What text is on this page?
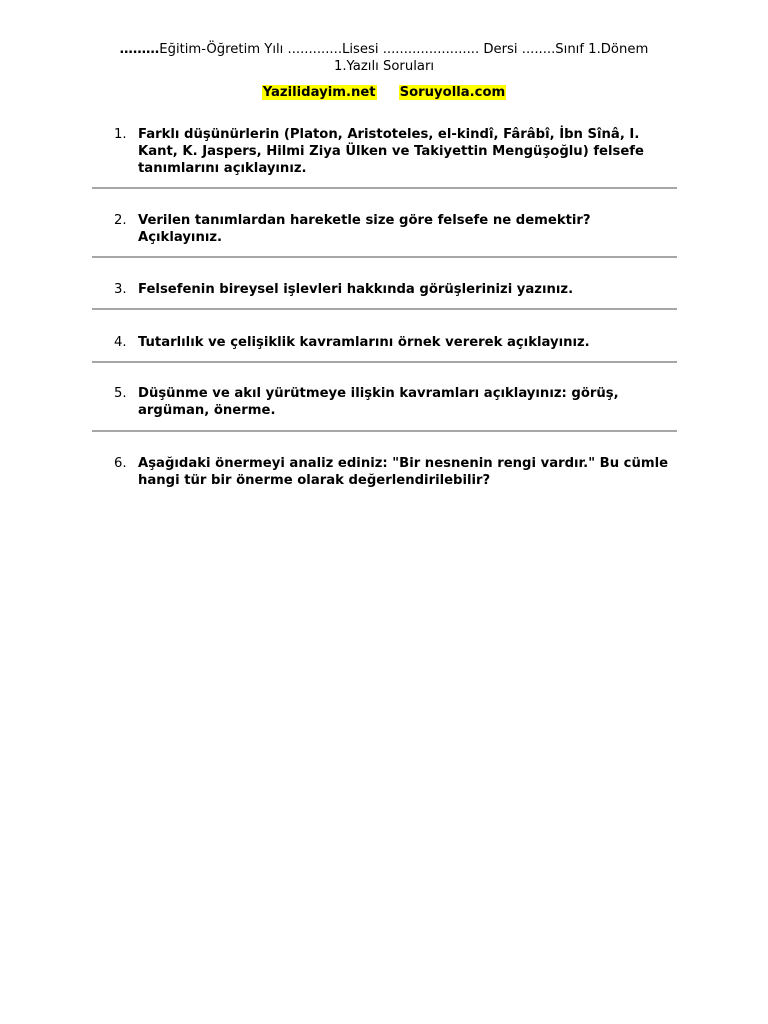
………Eğitim-Öğretim Yılı .............Lisesi ....................... Dersi ........Sınıf 1.Dönem
1.Yazılı Soruları
Yazilidayim.net Soruyolla.com
1. Farklı düşünürlerin (Platon, Aristoteles, el-kindî, Fârâbî, İbn Sînâ, I. Kant, K. Jaspers, Hilmi Ziya Ülken ve Takiyettin Mengüşoğlu) felsefe tanımlarını açıklayınız.
2. Verilen tanımlardan hareketle size göre felsefe ne demektir? Açıklayınız.
3. Felsefenin bireysel işlevleri hakkında görüşlerinizi yazınız.
4. Tutarlılık ve çelişiklik kavramlarını örnek vererek açıklayınız.
5. Düşünme ve akıl yürütmeye ilişkin kavramları açıklayınız: görüş, argüman, önerme.
6. Aşağıdaki önermeyi analiz ediniz: "Bir nesnenin rengi vardır." Bu cümle hangi tür bir önerme olarak değerlendirilebilir?
